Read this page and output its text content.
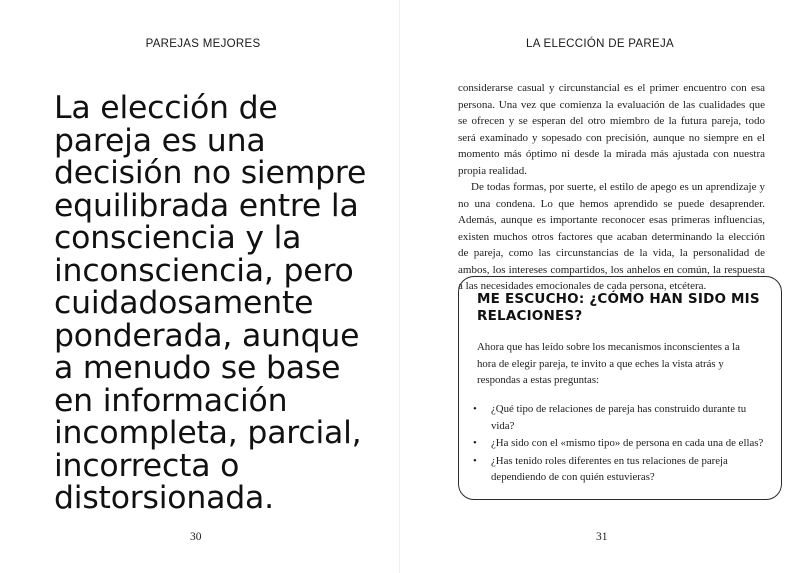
PAREJAS MEJORES

La elección de pareja es una decisión no siempre equilibrada entre la consciencia y la inconsciencia, pero cuidadosamente ponderada, aunque a menudo se base en información incompleta, parcial, incorrecta o distorsionada.

30
LA ELECCIÓN DE PAREJA

considerarse casual y circunstancial es el primer encuentro con esa persona. Una vez que comienza la evaluación de las cualidades que se ofrecen y se esperan del otro miembro de la futura pareja, todo será examinado y sopesado con precisión, aunque no siempre en el momento más óptimo ni desde la mirada más ajustada con nuestra propia realidad.

De todas formas, por suerte, el estilo de apego es un aprendizaje y no una condena. Lo que hemos aprendido se puede desaprender. Además, aunque es importante reconocer esas primeras influencias, existen muchos otros factores que acaban determinando la elección de pareja, como las circunstancias de la vida, la personalidad de ambos, los intereses compartidos, los anhelos en común, la respuesta a las necesidades emocionales de cada persona, etcétera.

ME ESCUCHO: ¿CÓMO HAN SIDO MIS RELACIONES?

Ahora que has leído sobre los mecanismos inconscientes a la hora de elegir pareja, te invito a que eches la vista atrás y respondas a estas preguntas:

• ¿Qué tipo de relaciones de pareja has construido durante tu vida?
• ¿Ha sido con el «mismo tipo» de persona en cada una de ellas?
• ¿Has tenido roles diferentes en tus relaciones de pareja dependiendo de con quién estuvieras?
31
